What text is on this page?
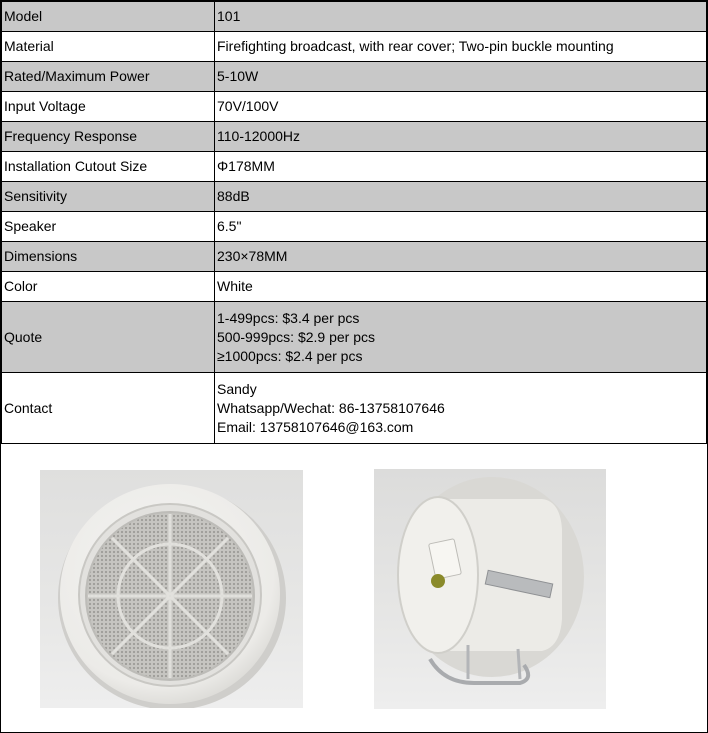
Model	101

Material	Firefighting broadcast, with rear cover; Two-pin buckle mounting

Rated/Maximum Power	5-10W

Input Voltage	70V/100V

Frequency Response	110-12000Hz

Installation Cutout Size	Φ178MM

Sensitivity	88dB

Speaker	6.5"

Dimensions	230×78MM

Color	White

Quote	1-499pcs: $3.4 per pcs
500-999pcs: $2.9 per pcs
≥1000pcs: $2.4 per pcs

Contact	Sandy
Whatsapp/Wechat: 86-13758107646
Email: 13758107646@163.com
